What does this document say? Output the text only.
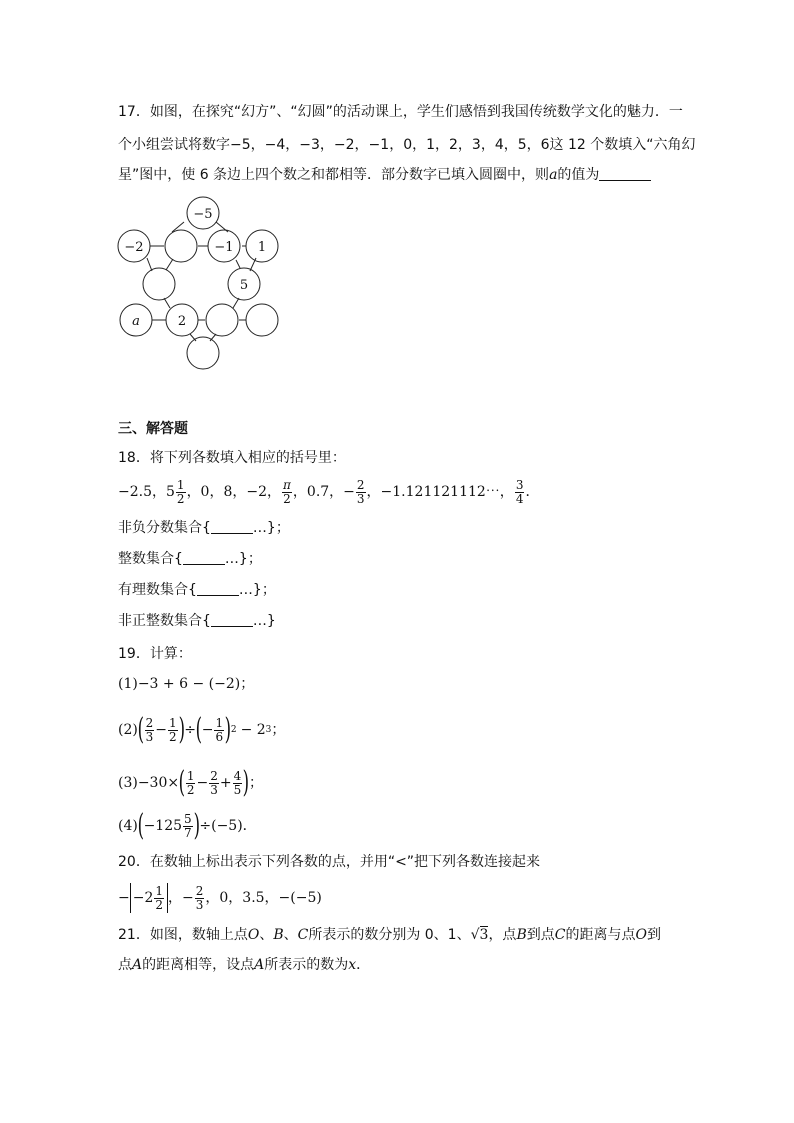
17．如图，在探究“幻方”、“幻圆”的活动课上，学生们感悟到我国传统数学文化的魅力．一
个小组尝试将数字−5，−4，−3，−2，−1，0，1，2，3，4，5，6这 12 个数填入“六角幻
星”图中，使 6 条边上四个数之和都相等．部分数字已填入圆圈中，则a的值为
−5
−2	−1 1
5
a	2
三、解答题
18．将下列各数填入相应的括号里：
−2.5， $5 \frac{1}{2}$ ，0，8，−2， $\frac{\pi}{2}$ ，0.7，− $\frac{2}{3}$ ，−1.121121112⋯， $\frac{3}{4}$ ．
非负分数集合{	…}；
整数集合{	…}；
有理数集合{	…}；
非正整数集合{	…}
19．计算：
(1)−3 + 6 − (−2)；
(2) ( $\frac{2}{3} - \frac{1}{2}$ ) ÷ ( − $\frac{1}{6}$ ) 2 − 2 3 ；
(3)−30× ( $\frac{1}{2} - \frac{2}{3} + \frac{4}{5}$ ) ；
(4) ( $-125 \frac{5}{7}$ ) ÷(−5)．
20．在数轴上标出表示下列各数的点，并用“<”把下列各数连接起来
− $-2 \frac{1}{2}$ ，− $\frac{2}{3}$ ，0，3.5，−(−5)
21．如图，数轴上点O、B、C所表示的数分别为 0、1、√3，点B到点C的距离与点O到
点A的距离相等，设点A所表示的数为x．
